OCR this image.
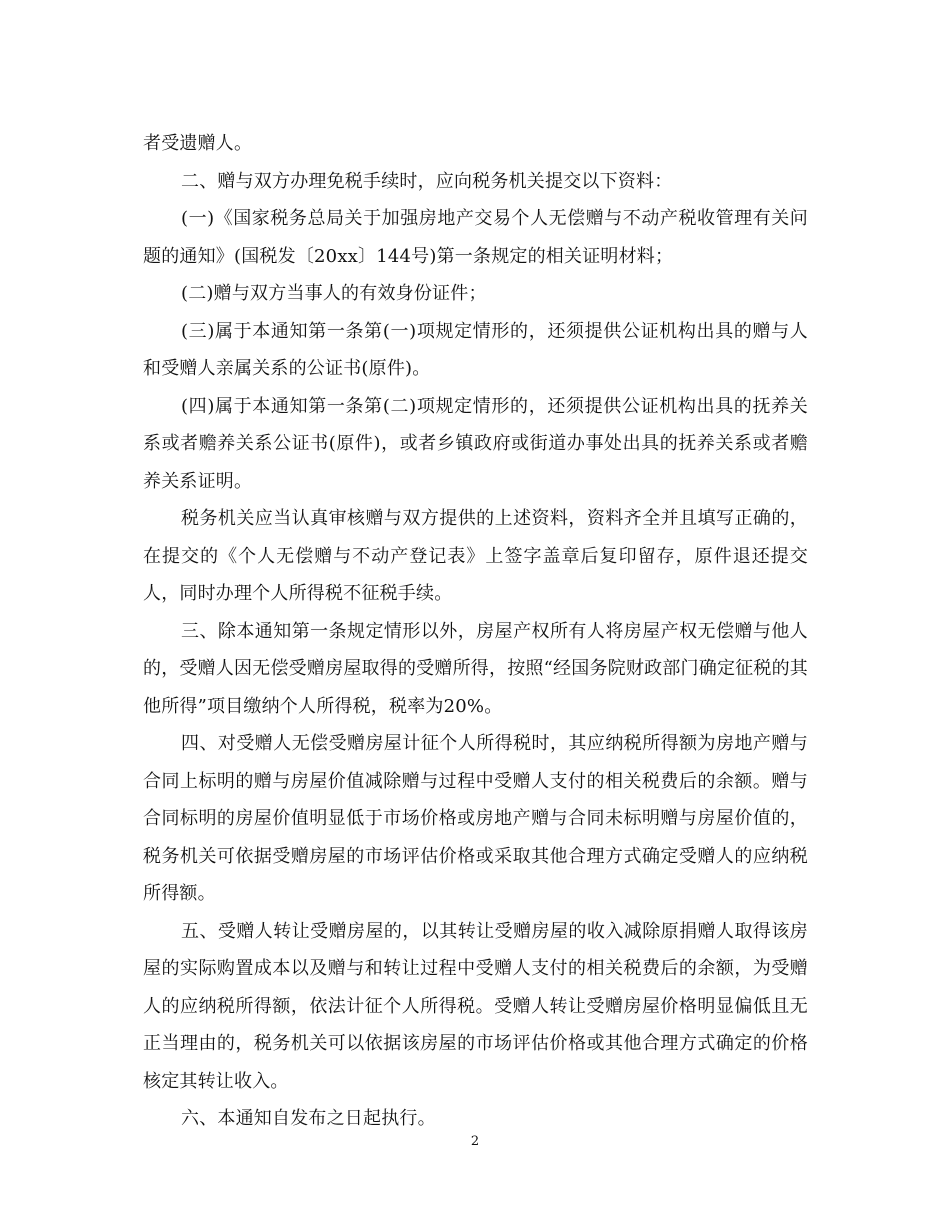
者受遗赠人。

二、赠与双方办理免税手续时，应向税务机关提交以下资料：

(一)《国家税务总局关于加强房地产交易个人无偿赠与不动产税收管理有关问题的通知》(国税发〔20xx〕144号)第一条规定的相关证明材料；

(二)赠与双方当事人的有效身份证件；

(三)属于本通知第一条第(一)项规定情形的，还须提供公证机构出具的赠与人和受赠人亲属关系的公证书(原件)。

(四)属于本通知第一条第(二)项规定情形的，还须提供公证机构出具的抚养关系或者赡养关系公证书(原件)，或者乡镇政府或街道办事处出具的抚养关系或者赡养关系证明。

税务机关应当认真审核赠与双方提供的上述资料，资料齐全并且填写正确的，在提交的《个人无偿赠与不动产登记表》上签字盖章后复印留存，原件退还提交人，同时办理个人所得税不征税手续。

三、除本通知第一条规定情形以外，房屋产权所有人将房屋产权无偿赠与他人的，受赠人因无偿受赠房屋取得的受赠所得，按照“经国务院财政部门确定征税的其他所得”项目缴纳个人所得税，税率为20%。

四、对受赠人无偿受赠房屋计征个人所得税时，其应纳税所得额为房地产赠与合同上标明的赠与房屋价值减除赠与过程中受赠人支付的相关税费后的余额。赠与合同标明的房屋价值明显低于市场价格或房地产赠与合同未标明赠与房屋价值的，税务机关可依据受赠房屋的市场评估价格或采取其他合理方式确定受赠人的应纳税所得额。

五、受赠人转让受赠房屋的，以其转让受赠房屋的收入减除原捐赠人取得该房屋的实际购置成本以及赠与和转让过程中受赠人支付的相关税费后的余额，为受赠人的应纳税所得额，依法计征个人所得税。受赠人转让受赠房屋价格明显偏低且无正当理由的，税务机关可以依据该房屋的市场评估价格或其他合理方式确定的价格核定其转让收入。

六、本通知自发布之日起执行。

2
